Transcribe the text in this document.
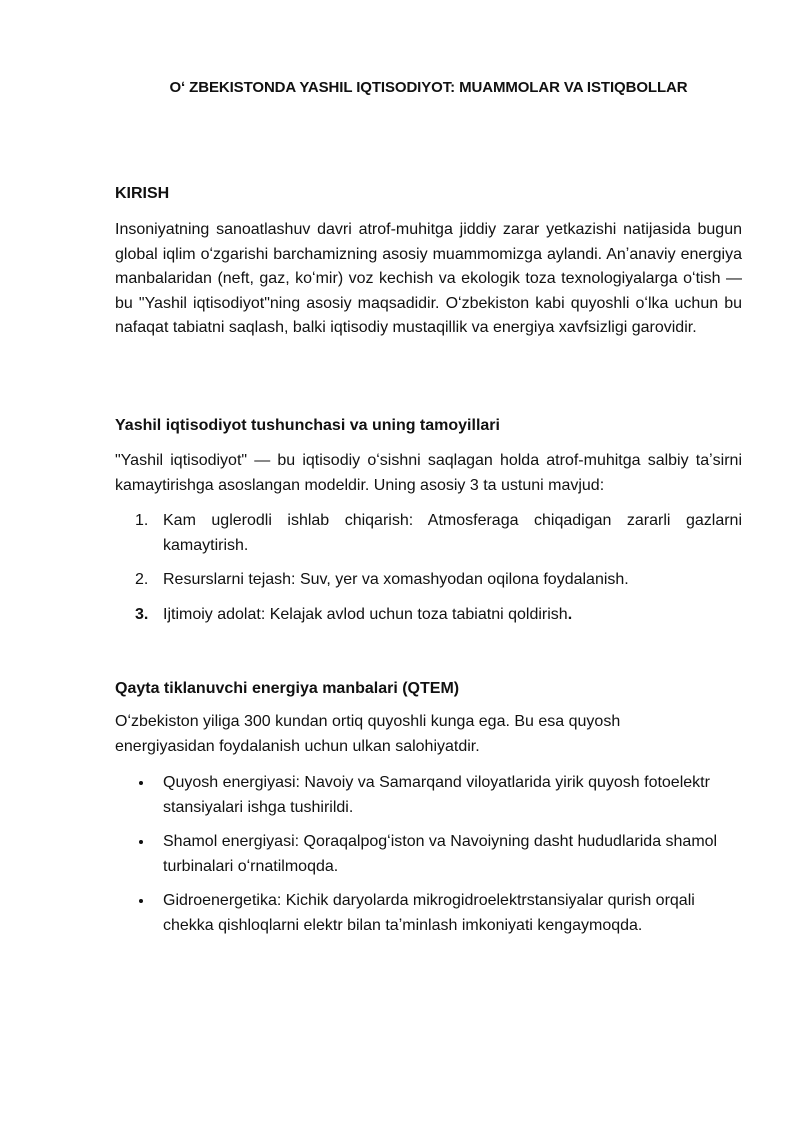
Oʻ ZBEKISTONDA YASHIL IQTISODIYOT: MUAMMOLAR VA ISTIQBOLLAR
KIRISH

Insoniyatning sanoatlashuv davri atrof-muhitga jiddiy zarar yetkazishi natijasida bugun global iqlim oʻzgarishi barchamizning asosiy muammomizga aylandi. Anʼanaviy energiya manbalaridan (neft, gaz, koʻmir) voz kechish va ekologik toza texnologiyalarga oʻtish — bu "Yashil iqtisodiyot"ning asosiy maqsadidir. Oʻzbekiston kabi quyoshli oʻlka uchun bu nafaqat tabiatni saqlash, balki iqtisodiy mustaqillik va energiya xavfsizligi garovidir.

Yashil iqtisodiyot tushunchasi va uning tamoyillari

"Yashil iqtisodiyot" — bu iqtisodiy oʻsishni saqlagan holda atrof-muhitga salbiy taʼsirni kamaytirishga asoslangan modeldir. Uning asosiy 3 ta ustuni mavjud:

1. Kam uglerodli ishlab chiqarish: Atmosferaga chiqadigan zararli gazlarni kamaytirish.
2. Resurslarni tejash: Suv, yer va xomashyodan oqilona foydalanish.
3. Ijtimoiy adolat: Kelajak avlod uchun toza tabiatni qoldirish.
Qayta tiklanuvchi energiya manbalari (QTEM)

Oʻzbekiston yiliga 300 kundan ortiq quyoshli kunga ega. Bu esa quyosh energiyasidan foydalanish uchun ulkan salohiyatdir.

Quyosh energiyasi: Navoiy va Samarqand viloyatlarida yirik quyosh fotoelektr stansiyalari ishga tushirildi.
Shamol energiyasi: Qoraqalpogʻiston va Navoiyning dasht hududlarida shamol turbinalari oʻrnatilmoqda.
Gidroenergetika: Kichik daryolarda mikrogidroelektrstansiyalar qurish orqali chekka qishloqlarni elektr bilan taʼminlash imkoniyati kengaymoqda.
